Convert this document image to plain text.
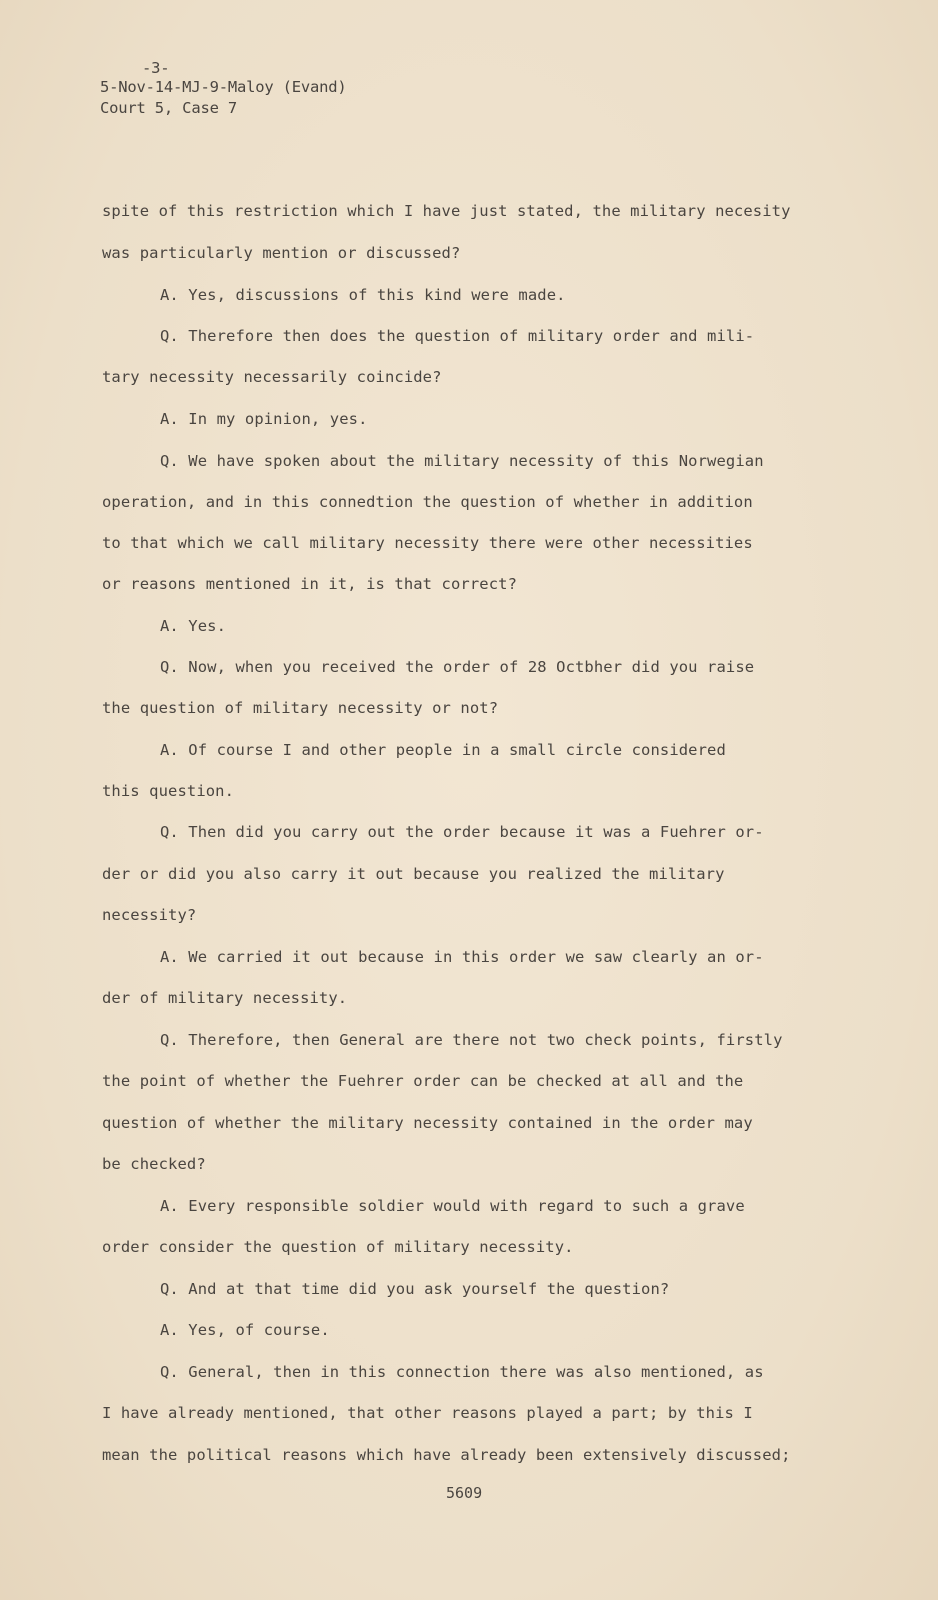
-3-
5-Nov-14-MJ-9-Maloy (Evand)
Court 5, Case 7
spite of this restriction which I have just stated, the military necesity
was particularly mention or discussed?
A. Yes, discussions of this kind were made.
Q. Therefore then does the question of military order and mili-
tary necessity necessarily coincide?
A. In my opinion, yes.
Q. We have spoken about the military necessity of this Norwegian
operation, and in this connedtion the question of whether in addition
to that which we call military necessity there were other necessities
or reasons mentioned in it, is that correct?
A. Yes.
Q. Now, when you received the order of 28 Octbher did you raise
the question of military necessity or not?
A. Of course I and other people in a small circle considered
this question.
Q. Then did you carry out the order because it was a Fuehrer or-
der or did you also carry it out because you realized the military
necessity?
A. We carried it out because in this order we saw clearly an or-
der of military necessity.
Q. Therefore, then General are there not two check points, firstly
the point of whether the Fuehrer order can be checked at all and the
question of whether the military necessity contained in the order may
be checked?
A. Every responsible soldier would with regard to such a grave
order consider the question of military necessity.
Q. And at that time did you ask yourself the question?
A. Yes, of course.
Q. General, then in this connection there was also mentioned, as
I have already mentioned, that other reasons played a part; by this I
mean the political reasons which have already been extensively discussed;
5609
